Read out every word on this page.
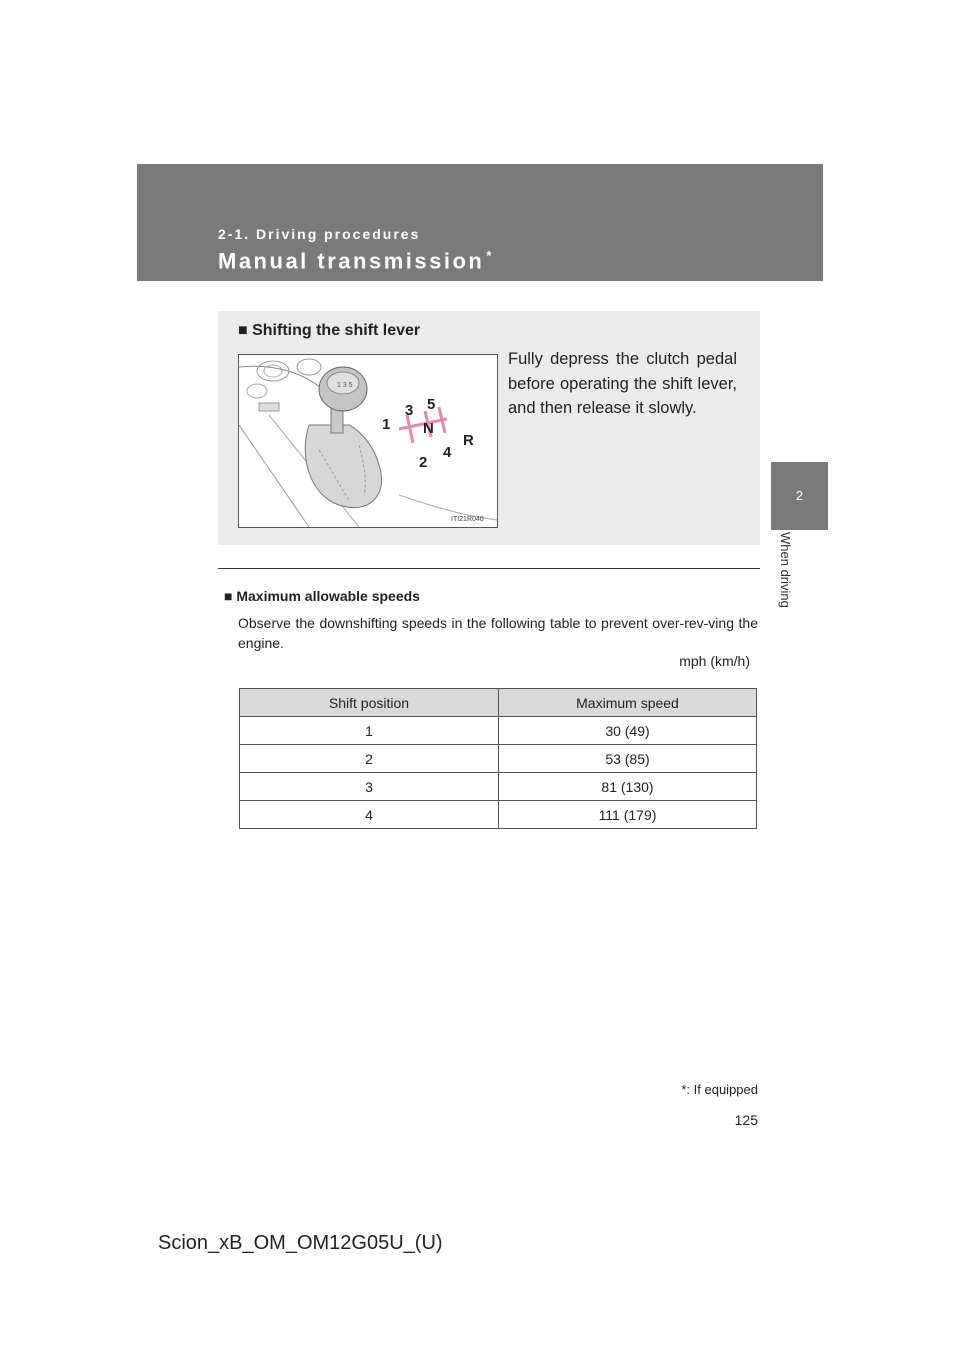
2-1. Driving procedures
Manual transmission *
2
When driving
■ Shifting the shift lever
1 3 5
1
3 5
N
2
4
R
ITI21R040
Fully depress the clutch pedal before operating the shift lever, and then release it slowly.
■ Maximum allowable speeds
Observe the downshifting speeds in the following table to prevent over-rev-ving the engine.
mph (km/h)
Shift position	Maximum speed
1	30 (49)
2	53 (85)
3	81 (130)
4	111 (179)
*: If equipped
125
Scion_xB_OM_OM12G05U_(U)
